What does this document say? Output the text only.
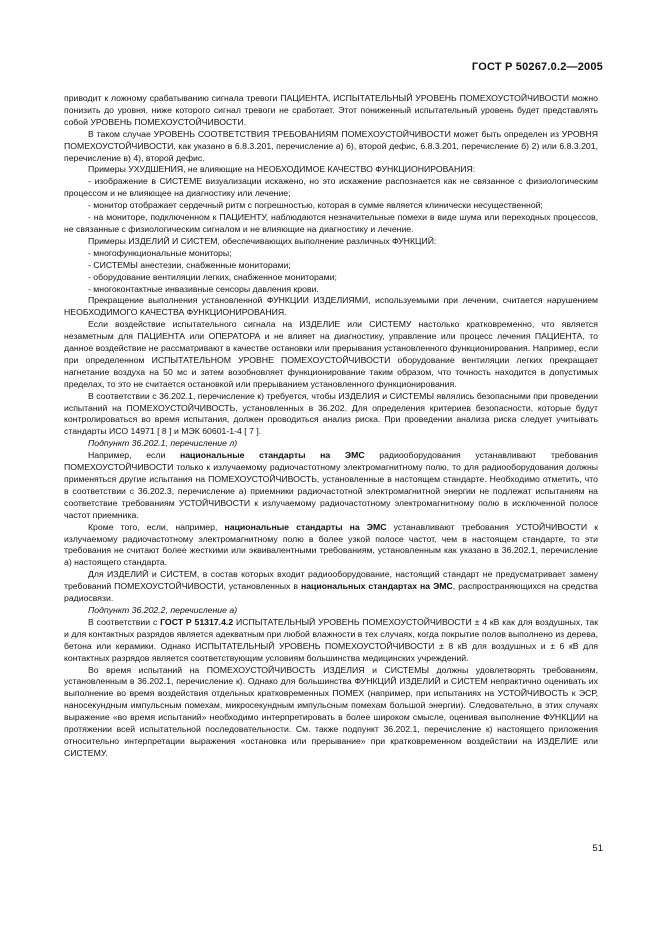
ГОСТ Р 50267.0.2—2005

приводит к ложному срабатыванию сигнала тревоги ПАЦИЕНТА, ИСПЫТАТЕЛЬНЫЙ УРОВЕНЬ ПОМЕХОУСТОЙЧИВОСТИ можно понизить до уровня, ниже которого сигнал тревоги не сработает. Этот пониженный испытательный уровень будет представлять собой УРОВЕНЬ ПОМЕХОУСТОЙЧИВОСТИ.

В таком случае УРОВЕНЬ СООТВЕТСТВИЯ ТРЕБОВАНИЯМ ПОМЕХОУСТОЙЧИВОСТИ может быть определен из УРОВНЯ ПОМЕХОУСТОЙЧИВОСТИ, как указано в 6.8.3.201, перечисление а) 6), второй дефис, 6.8.3.201, перечисление б) 2) или 6.8.3.201, перечисление в) 4), второй дефис.

Примеры УХУДШЕНИЯ, не влияющие на НЕОБХОДИМОЕ КАЧЕСТВО ФУНКЦИОНИРОВАНИЯ:

- изображение в СИСТЕМЕ визуализации искажено, но это искажение распознается как не связанное с физиологическим процессом и не влияющее на диагностику или лечение;

- монитор отображает сердечный ритм с погрешностью, которая в сумме является клинически несущественной;

- на мониторе, подключенном к ПАЦИЕНТУ, наблюдаются незначительные помехи в виде шума или переходных процессов, не связанные с физиологическим сигналом и не влияющие на диагностику и лечение.

Примеры ИЗДЕЛИЙ И СИСТЕМ, обеспечивающих выполнение различных ФУНКЦИЙ:

- многофункциональные мониторы;

- СИСТЕМЫ анестезии, снабженные мониторами;

- оборудование вентиляции легких, снабженное мониторами;

- многоконтактные инвазивные сенсоры давления крови.

Прекращение выполнения установленной ФУНКЦИИ ИЗДЕЛИЯМИ, используемыми при лечении, считается нарушением НЕОБХОДИМОГО КАЧЕСТВА ФУНКЦИОНИРОВАНИЯ.

Если воздействие испытательного сигнала на ИЗДЕЛИЕ или СИСТЕМУ настолько кратковременно, что является незаметным для ПАЦИЕНТА или ОПЕРАТОРА и не влияет на диагностику, управление или процесс лечения ПАЦИЕНТА, то данное воздействие не рассматривают в качестве остановки или прерывания установленного функционирования. Например, если при определенном ИСПЫТАТЕЛЬНОМ УРОВНЕ ПОМЕХОУСТОЙЧИВОСТИ оборудование вентиляции легких прекращает нагнетание воздуха на 50 мс и затем возобновляет функционирование таким образом, что точность находится в допустимых пределах, то это не считается остановкой или прерыванием установленного функционирования.

В соответствии с 36.202.1, перечисление к) требуется, чтобы ИЗДЕЛИЯ и СИСТЕМЫ являлись безопасными при проведении испытаний на ПОМЕХОУСТОЙЧИВОСТЬ, установленных в 36.202. Для определения критериев безопасности, которые будут контролироваться во время испытания, должен проводиться анализ риска. При проведении анализа риска следует учитывать стандарты ИСО 14971 [ 8 ] и МЭК 60601-1-4 [ 7 ].

Подпункт 36.202.1, перечисление л)

Например, если национальные стандарты на ЭМС радиооборудования устанавливают требования ПОМЕХОУСТОЙЧИВОСТИ только к излучаемому радиочастотному электромагнитному полю, то для радиооборудования должны применяться другие испытания на ПОМЕХОУСТОЙЧИВОСТЬ, установленные в настоящем стандарте. Необходимо отметить, что в соответствии с 36.202.3, перечисление а) приемники радиочастотной электромагнитной энергии не подлежат испытаниям на соответствие требованиям УСТОЙЧИВОСТИ к излучаемому радиочастотному электромагнитному полю в исключенной полосе частот приемника.

Кроме того, если, например, национальные стандарты на ЭМС устанавливают требования УСТОЙЧИВОСТИ к излучаемому радиочастотному электромагнитному полю в более узкой полосе частот, чем в настоящем стандарте, то эти требования не считают более жесткими или эквивалентными требованиям, установленным как указано в 36.202.1, перечисление а) настоящего стандарта.

Для ИЗДЕЛИЙ и СИСТЕМ, в состав которых входит радиооборудование, настоящий стандарт не предусматривает замену требований ПОМЕХОУСТОЙЧИВОСТИ, установленных в национальных стандартах на ЭМС, распространяющихся на средства радиосвязи.

Подпункт 36.202.2, перечисление а)

В соответствии с ГОСТ Р 51317.4.2 ИСПЫТАТЕЛЬНЫЙ УРОВЕНЬ ПОМЕХОУСТОЙЧИВОСТИ ± 4 кВ как для воздушных, так и для контактных разрядов является адекватным при любой влажности в тех случаях, когда покрытие полов выполнено из дерева, бетона или керамики. Однако ИСПЫТАТЕЛЬНЫЙ УРОВЕНЬ ПОМЕХОУСТОЙЧИВОСТИ ± 8 кВ для воздушных и ± 6 кВ для контактных разрядов является соответствующим условиям большинства медицинских учреждений.

Во время испытаний на ПОМЕХОУСТОЙЧИВОСТЬ ИЗДЕЛИЯ и СИСТЕМЫ должны удовлетворять требованиям, установленным в 36.202.1, перечисление к). Однако для большинства ФУНКЦИЙ ИЗДЕЛИЙ и СИСТЕМ непрактично оценивать их выполнение во время воздействия отдельных кратковременных ПОМЕХ (например, при испытаниях на УСТОЙЧИВОСТЬ к ЭСР, наносекундным импульсным помехам, микросекундным импульсным помехам большой энергии). Следовательно, в этих случаях выражение «во время испытаний» необходимо интерпретировать в более широком смысле, оценивая выполнение ФУНКЦИИ на протяжении всей испытательной последовательности. См. также подпункт 36.202.1, перечисление к) настоящего приложения относительно интерпретации выражения «остановка или прерывание» при кратковременном воздействии на ИЗДЕЛИЕ или СИСТЕМУ.

51
